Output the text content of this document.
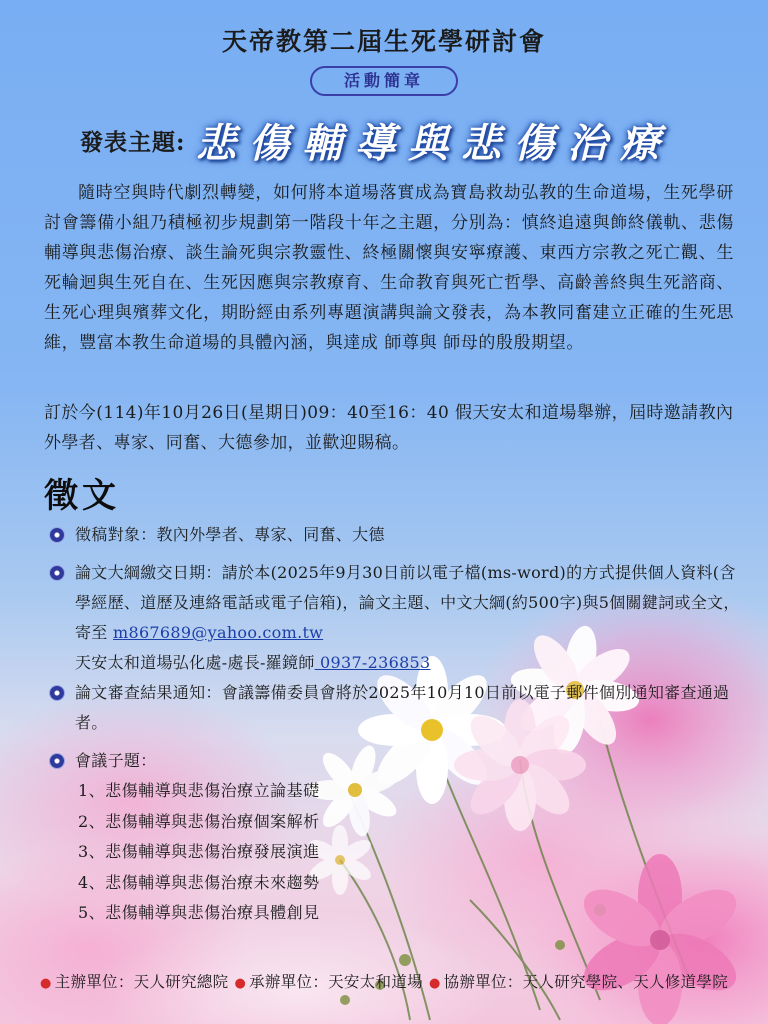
天帝教第二屆生死學研討會
活動簡章
發表主題: 悲傷輔導與悲傷治療

隨時空與時代劇烈轉變，如何將本道場落實成為寶島救劫弘教的生命道場，生死學研討會籌備小組乃積極初步規劃第一階段十年之主題，分別為：慎終追遠與飾終儀軌、悲傷輔導與悲傷治療、談生論死與宗教靈性、終極關懷與安寧療護、東西方宗教之死亡觀、生死輪迴與生死自在、生死因應與宗教療育、生命教育與死亡哲學、高齡善終與生死諮商、生死心理與殯葬文化，期盼經由系列專題演講與論文發表，為本教同奮建立正確的生死思維，豐富本教生命道場的具體內涵，與達成 師尊與 師母的殷殷期望。

訂於今(114)年10月26日(星期日)09：40至16：40 假天安太和道場舉辦，屆時邀請教內外學者、專家、同奮、大德參加，並歡迎賜稿。
徵文
徵稿對象：教內外學者、專家、同奮、大德
論文大綱繳交日期：請於本(2025年9月30日前以電子檔(ms-word)的方式提供個人資料(含學經歷、道歷及連絡電話或電子信箱)，論文主題、中文大綱(約500字)與5個關鍵詞或全文，寄至 m867689@yahoo.com.tw
天安太和道場弘化處-處長-羅鏡師 0937-236853
論文審查結果通知：會議籌備委員會將於2025年10月10日前以電子郵件個別通知審查通過者。
會議子題：
1、悲傷輔導與悲傷治療立論基礎
2、悲傷輔導與悲傷治療個案解析
3、悲傷輔導與悲傷治療發展演進
4、悲傷輔導與悲傷治療未來趨勢
5、悲傷輔導與悲傷治療具體創見
● 主辦單位：天人研究總院 ● 承辦單位：天安太和道場 ● 協辦單位：天人研究學院、天人修道學院
